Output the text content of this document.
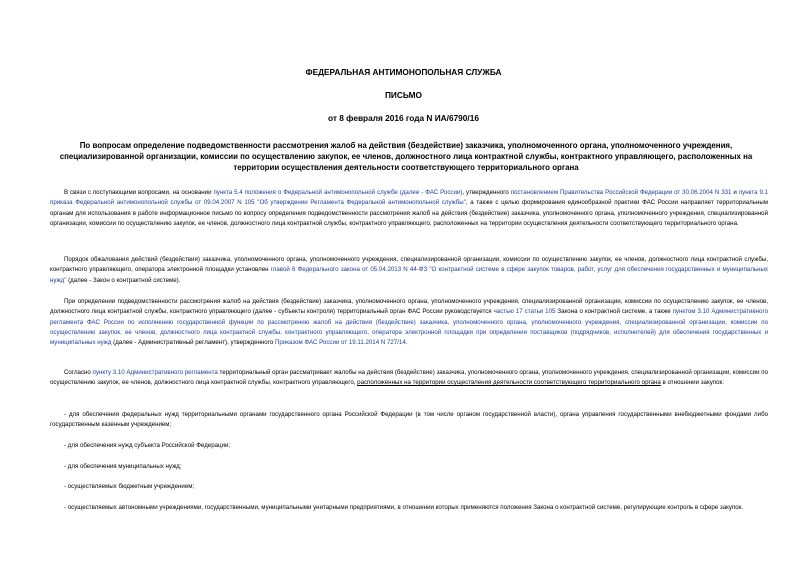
ФЕДЕРАЛЬНАЯ АНТИМОНОПОЛЬНАЯ СЛУЖБА
ПИСЬМО
от 8 февраля 2016 года N ИА/6790/16
По вопросам определение подведомственности рассмотрения жалоб на действия (бездействие) заказчика, уполномоченного органа, уполномоченного учреждения, специализированной организации, комиссии по осуществлению закупок, ее членов, должностного лица контрактной службы, контрактного управляющего, расположенных на территории осуществления деятельности соответствующего территориального органа
В связи с поступающими вопросами, на основании пункта 5.4 положения о Федеральной антимонопольной службе (далее - ФАС России), утвержденного постановлением Правительства Российской Федерации от 30.06.2004 N 331 и пункта 9.1 приказа Федеральной антимонопольной службы от 09.04.2007 N 105 "Об утверждении Регламента Федеральной антимонопольной службы", а также с целью формирования единообразной практики ФАС России направляет территориальным органам для использования в работе информационное письмо по вопросу определения подведомственности рассмотрения жалоб на действия (бездействие) заказчика, уполномоченного органа, уполномоченного учреждения, специализированной организации, комиссии по осуществлению закупок, ее членов, должностного лица контрактной службы, контрактного управляющего, расположенных на территории осуществления деятельности соответствующего территориального органа.
Порядок обжалования действий (бездействия) заказчика, уполномоченного органа, уполномоченного учреждения, специализированной организации, комиссии по осуществлению закупок, ее членов, должностного лица контрактной службы, контрактного управляющего, оператора электронной площадки установлен главой 6 Федерального закона от 05.04.2013 N 44-ФЗ "О контрактной системе в сфере закупок товаров, работ, услуг для обеспечения государственных и муниципальных нужд" (далее - Закон о контрактной системе).
При определении подведомственности рассмотрения жалоб на действия (бездействие) заказчика, уполномоченного органа, уполномоченного учреждения, специализированной организации, комиссии по осуществлению закупок, ее членов, должностного лица контрактной службы, контрактного управляющего (далее - субъекты контроля) территориальный орган ФАС России руководствуется частью 17 статьи 105 Закона о контрактной системе, а также пунктом 3.10 Административного регламента ФАС России по исполнению государственной функции по рассмотрению жалоб на действия (бездействие) заказчика, уполномоченного органа, уполномоченного учреждения, специализированной организации, комиссии по осуществлению закупок, ее членов, должностного лица контрактной службы, контрактного управляющего, оператора электронной площадки при определении поставщиков (подрядчиков, исполнителей) для обеспечения государственных и муниципальных нужд (далее - Административный регламент), утвержденного Приказом ФАС России от 19.11.2014 N 727/14.
Согласно пункту 3.10 Административного регламента территориальный орган рассматривает жалобы на действия (бездействие) заказчика, уполномоченного органа, уполномоченного учреждения, специализированной организации, комиссии по осуществлению закупок, ее членов, должностного лица контрактной службы, контрактного управляющего, расположенных на территории осуществления деятельности соответствующего территориального органа в отношении закупок:
- для обеспечения федеральных нужд территориальными органами государственного органа Российской Федерации (в том числе органом государственной власти), органа управления государственными внебюджетными фондами либо государственным казенным учреждением;
- для обеспечения нужд субъекта Российской Федерации;
- для обеспечения муниципальных нужд;
- осуществляемых бюджетным учреждением;
- осуществляемых автономными учреждениями, государственными, муниципальными унитарными предприятиями, в отношении которых применяются положения Закона о контрактной системе, регулирующие контроль в сфере закупок.
